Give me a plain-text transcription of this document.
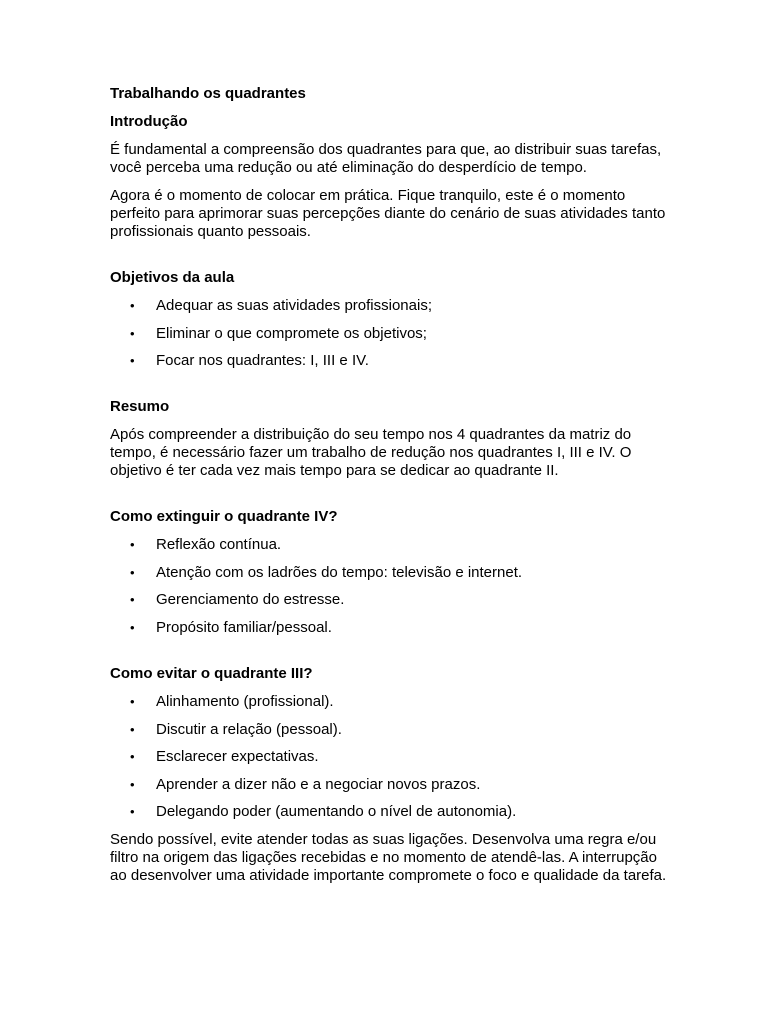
Trabalhando os quadrantes
Introdução

É fundamental a compreensão dos quadrantes para que, ao distribuir suas tarefas, você perceba uma redução ou até eliminação do desperdício de tempo.

Agora é o momento de colocar em prática. Fique tranquilo, este é o momento perfeito para aprimorar suas percepções diante do cenário de suas atividades tanto profissionais quanto pessoais.

Objetivos da aula
• Adequar as suas atividades profissionais;
• Eliminar o que compromete os objetivos;
• Focar nos quadrantes: I, III e IV.
Resumo

Após compreender a distribuição do seu tempo nos 4 quadrantes da matriz do tempo, é necessário fazer um trabalho de redução nos quadrantes I, III e IV. O objetivo é ter cada vez mais tempo para se dedicar ao quadrante II.

Como extinguir o quadrante IV?
• Reflexão contínua.
• Atenção com os ladrões do tempo: televisão e internet.
• Gerenciamento do estresse.
• Propósito familiar/pessoal.
Como evitar o quadrante III?
• Alinhamento (profissional).
• Discutir a relação (pessoal).
• Esclarecer expectativas.
• Aprender a dizer não e a negociar novos prazos.
• Delegando poder (aumentando o nível de autonomia).

Sendo possível, evite atender todas as suas ligações. Desenvolva uma regra e/ou filtro na origem das ligações recebidas e no momento de atendê-las. A interrupção ao desenvolver uma atividade importante compromete o foco e qualidade da tarefa.
